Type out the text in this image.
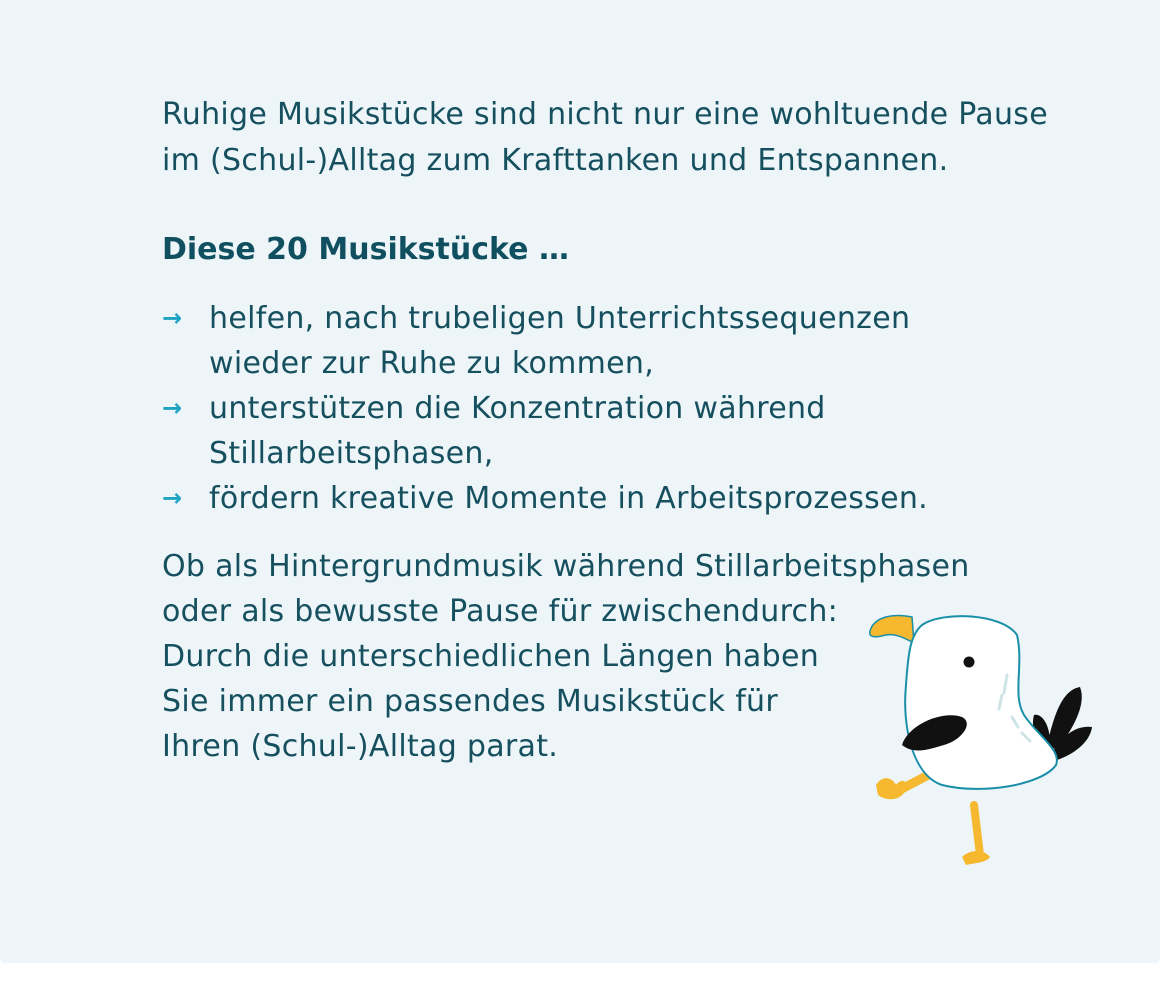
Ruhige Musikstücke sind nicht nur eine wohltuende Pause
im (Schul-)Alltag zum Krafttanken und Entspannen.

Diese 20 Musikstücke …
→ helfen, nach trubeligen Unterrichtssequenzen
wieder zur Ruhe zu kommen,
→ unterstützen die Konzentration während
Stillarbeitsphasen,
→ fördern kreative Momente in Arbeitsprozessen.

Ob als Hintergrundmusik während Stillarbeitsphasen
oder als bewusste Pause für zwischendurch:
Durch die unterschiedlichen Längen haben
Sie immer ein passendes Musikstück für
Ihren (Schul-)Alltag parat.
